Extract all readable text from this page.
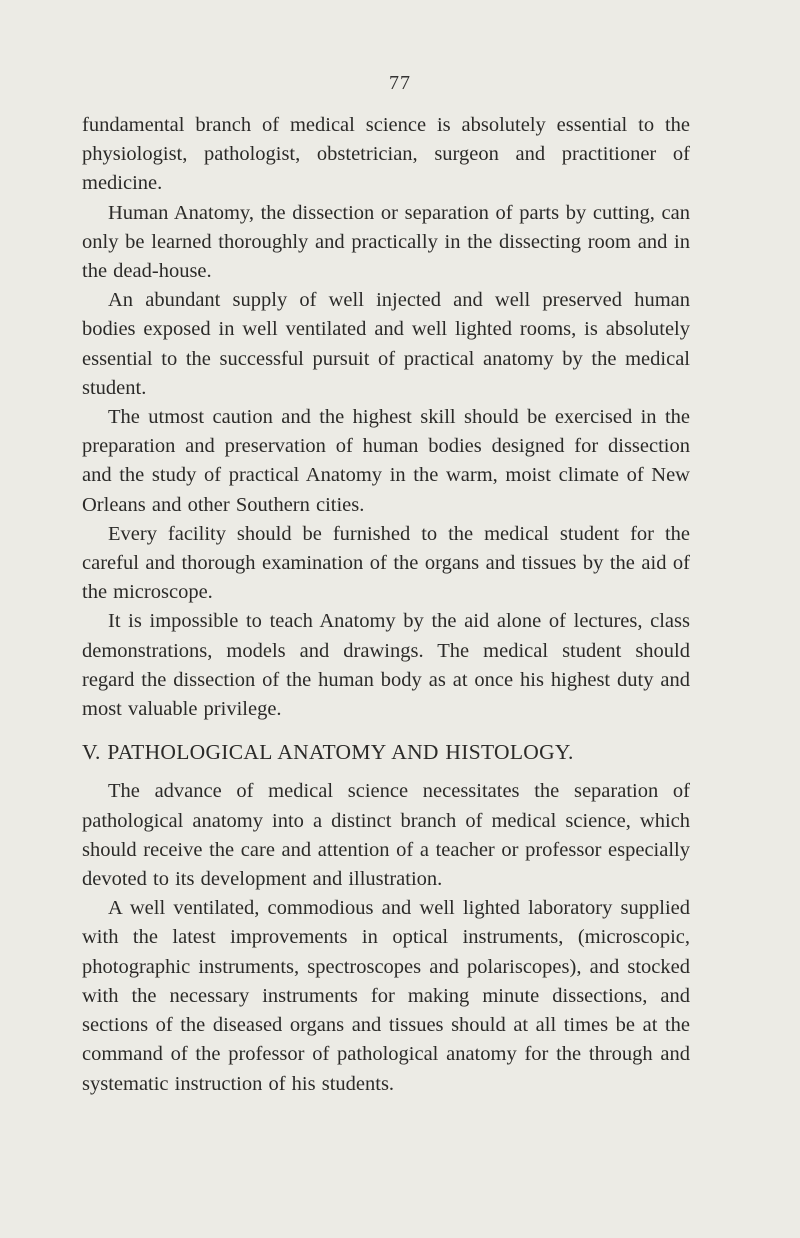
77

fundamental branch of medical science is absolutely essential to the physiologist, pathologist, obstetrician, surgeon and practitioner of medicine.

Human Anatomy, the dissection or separation of parts by cutting, can only be learned thoroughly and practically in the dissecting room and in the dead-house.

An abundant supply of well injected and well preserved human bodies exposed in well ventilated and well lighted rooms, is absolutely essential to the successful pursuit of practical anatomy by the medical student.

The utmost caution and the highest skill should be exercised in the preparation and preservation of human bodies designed for dissection and the study of practical Anatomy in the warm, moist climate of New Orleans and other Southern cities.

Every facility should be furnished to the medical student for the careful and thorough examination of the organs and tissues by the aid of the microscope.

It is impossible to teach Anatomy by the aid alone of lectures, class demonstrations, models and drawings. The medical student should regard the dissection of the human body as at once his highest duty and most valuable privilege.

V. PATHOLOGICAL ANATOMY AND HISTOLOGY.

The advance of medical science necessitates the separation of pathological anatomy into a distinct branch of medical science, which should receive the care and attention of a teacher or professor especially devoted to its development and illustration.

A well ventilated, commodious and well lighted laboratory supplied with the latest improvements in optical instruments, (microscopic, photographic instruments, spectroscopes and polariscopes), and stocked with the necessary instruments for making minute dissections, and sections of the diseased organs and tissues should at all times be at the command of the professor of pathological anatomy for the through and systematic instruction of his students.
